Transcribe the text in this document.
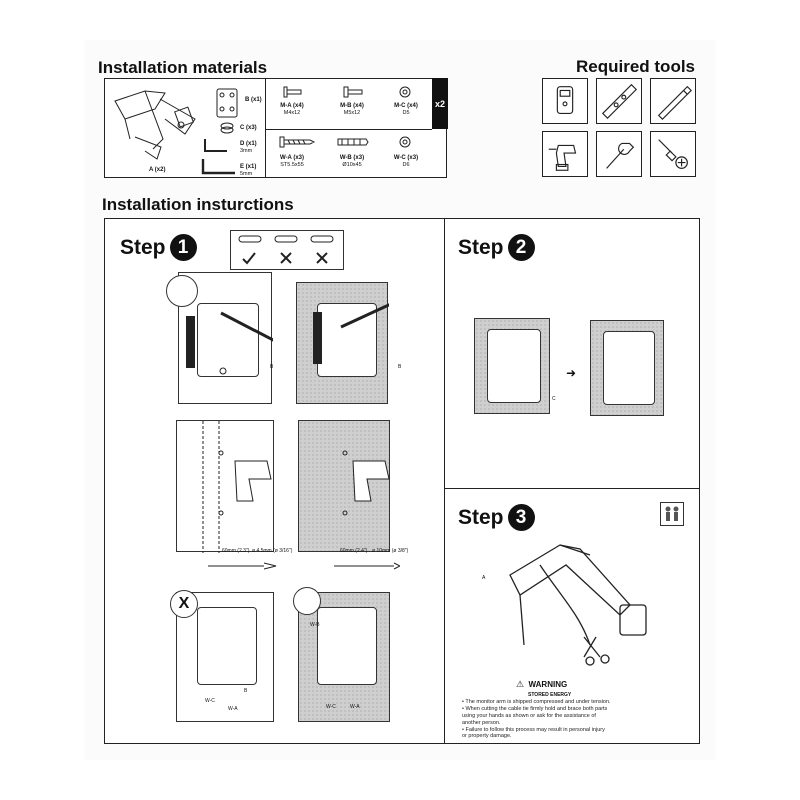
Installation materials	Required tools
Installation insturctions
B (x1)
C (x3)
D (x1)
3mm
E (x1)
5mm
A (x2)
x2
M-A (x4)
M4x12
M-B (x4)
M5x12
M-C (x4)
D5
W-A (x3)
ST5.5x55
W-B (x3)
Ø10x45
W-C (x3)
D6
Step 1
B	B
60mm (2.3") ø 4.5mm (ø 3/16")	60mm (2.4") ø 10mm (ø 3/8")
X
W-C
W-A
B
W-B
W-C	W-A
Step 2
➜
C
Step 3
A
⚠ WARNING
STORED ENERGY
• The monitor arm is shipped compressed and under tension.
• When cutting the cable tie firmly hold and brace both parts
using your hands as shown or ask for the assistance of
another person.
• Failure to follow this process may result in personal injury
or property damage.
